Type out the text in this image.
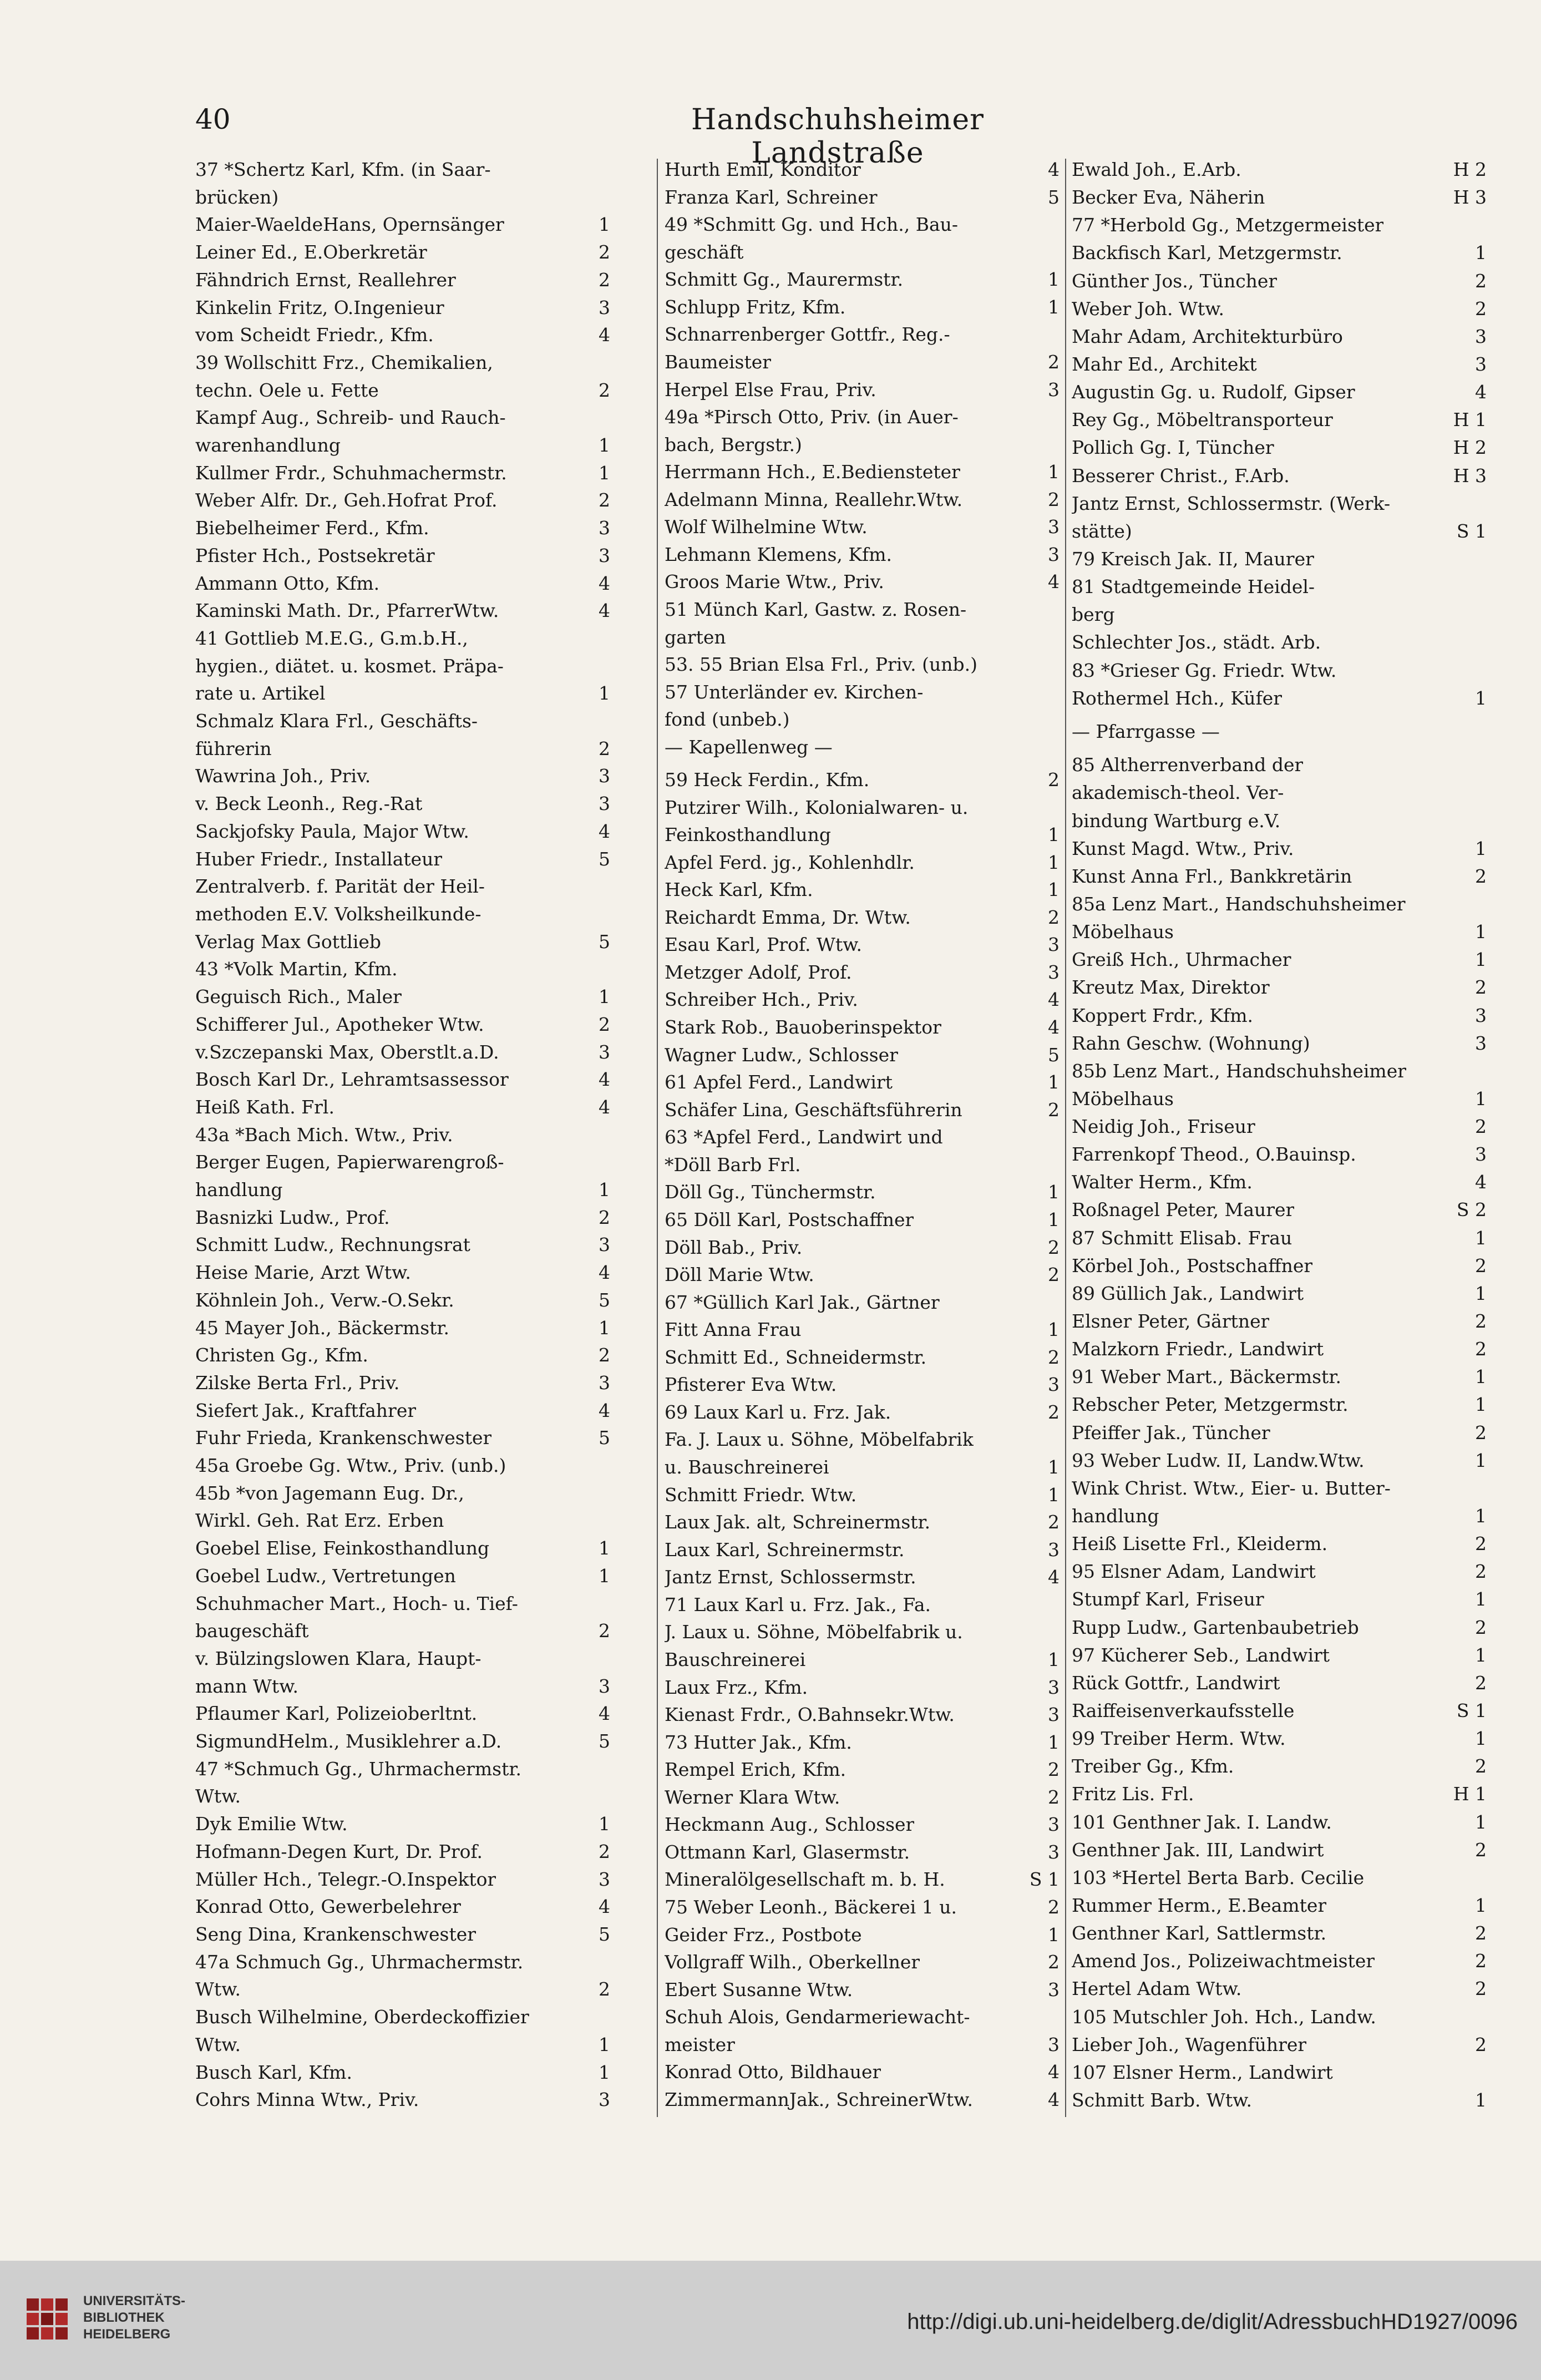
40	Handschuhsheimer Landstraße
37 *Schertz Karl, Kfm. (in Saar-
brücken)
Maier-WaeldeHans, Opernsänger	1
Leiner Ed., E.Oberkretär	2
Fähndrich Ernst, Reallehrer	2
Kinkelin Fritz, O.Ingenieur	3
vom Scheidt Friedr., Kfm.	4
39 Wollschitt Frz., Chemikalien,
techn. Oele u. Fette	2
Kampf Aug., Schreib- und Rauch-
warenhandlung	1
Kullmer Frdr., Schuhmachermstr.	1
Weber Alfr. Dr., Geh.Hofrat Prof.	2
Biebelheimer Ferd., Kfm.	3
Pfister Hch., Postsekretär	3
Ammann Otto, Kfm.	4
Kaminski Math. Dr., PfarrerWtw.	4
41 Gottlieb M.E.G., G.m.b.H.,
hygien., diätet. u. kosmet. Präpa-
rate u. Artikel	1
Schmalz Klara Frl., Geschäfts-
führerin	2
Wawrina Joh., Priv.	3
v. Beck Leonh., Reg.-Rat	3
Sackjofsky Paula, Major Wtw.	4
Huber Friedr., Installateur	5
Zentralverb. f. Parität der Heil-
methoden E.V. Volksheilkunde-
Verlag Max Gottlieb	5
43 *Volk Martin, Kfm.
Geguisch Rich., Maler	1
Schifferer Jul., Apotheker Wtw.	2
v.Szczepanski Max, Oberstlt.a.D.	3
Bosch Karl Dr., Lehramtsassessor	4
Heiß Kath. Frl.	4
43a *Bach Mich. Wtw., Priv.
Berger Eugen, Papierwarengroß-
handlung	1
Basnizki Ludw., Prof.	2
Schmitt Ludw., Rechnungsrat	3
Heise Marie, Arzt Wtw.	4
Köhnlein Joh., Verw.-O.Sekr.	5
45 Mayer Joh., Bäckermstr.	1
Christen Gg., Kfm.	2
Zilske Berta Frl., Priv.	3
Siefert Jak., Kraftfahrer	4
Fuhr Frieda, Krankenschwester	5
45a Groebe Gg. Wtw., Priv. (unb.)
45b *von Jagemann Eug. Dr.,
Wirkl. Geh. Rat Erz. Erben
Goebel Elise, Feinkosthandlung	1
Goebel Ludw., Vertretungen	1
Schuhmacher Mart., Hoch- u. Tief-
baugeschäft	2
v. Bülzingslowen Klara, Haupt-
mann Wtw.	3
Pflaumer Karl, Polizeioberltnt.	4
SigmundHelm., Musiklehrer a.D.	5
47 *Schmuch Gg., Uhrmachermstr.
Wtw.
Dyk Emilie Wtw.	1
Hofmann-Degen Kurt, Dr. Prof.	2
Müller Hch., Telegr.-O.Inspektor	3
Konrad Otto, Gewerbelehrer	4
Seng Dina, Krankenschwester	5
47a Schmuch Gg., Uhrmachermstr.
Wtw.	2
Busch Wilhelmine, Oberdeckoffizier
Wtw.	1
Busch Karl, Kfm.	1
Cohrs Minna Wtw., Priv.	3
Hurth Emil, Konditor	4
Franza Karl, Schreiner	5
49 *Schmitt Gg. und Hch., Bau-
geschäft
Schmitt Gg., Maurermstr.	1
Schlupp Fritz, Kfm.	1
Schnarrenberger Gottfr., Reg.-
Baumeister	2
Herpel Else Frau, Priv.	3
49a *Pirsch Otto, Priv. (in Auer-
bach, Bergstr.)
Herrmann Hch., E.Bediensteter	1
Adelmann Minna, Reallehr.Wtw.	2
Wolf Wilhelmine Wtw.	3
Lehmann Klemens, Kfm.	3
Groos Marie Wtw., Priv.	4
51 Münch Karl, Gastw. z. Rosen-
garten
53. 55 Brian Elsa Frl., Priv. (unb.)
57 Unterländer ev. Kirchen-
fond (unbeb.)
— Kapellenweg —
59 Heck Ferdin., Kfm.	2
Putzirer Wilh., Kolonialwaren- u.
Feinkosthandlung	1
Apfel Ferd. jg., Kohlenhdlr.	1
Heck Karl, Kfm.	1
Reichardt Emma, Dr. Wtw.	2
Esau Karl, Prof. Wtw.	3
Metzger Adolf, Prof.	3
Schreiber Hch., Priv.	4
Stark Rob., Bauoberinspektor	4
Wagner Ludw., Schlosser	5
61 Apfel Ferd., Landwirt	1
Schäfer Lina, Geschäftsführerin	2
63 *Apfel Ferd., Landwirt und
*Döll Barb Frl.
Döll Gg., Tünchermstr.	1
65 Döll Karl, Postschaffner	1
Döll Bab., Priv.	2
Döll Marie Wtw.	2
67 *Güllich Karl Jak., Gärtner
Fitt Anna Frau	1
Schmitt Ed., Schneidermstr.	2
Pfisterer Eva Wtw.	3
69 Laux Karl u. Frz. Jak.	2
Fa. J. Laux u. Söhne, Möbelfabrik
u. Bauschreinerei	1
Schmitt Friedr. Wtw.	1
Laux Jak. alt, Schreinermstr.	2
Laux Karl, Schreinermstr.	3
Jantz Ernst, Schlossermstr.	4
71 Laux Karl u. Frz. Jak., Fa.
J. Laux u. Söhne, Möbelfabrik u.
Bauschreinerei	1
Laux Frz., Kfm.	3
Kienast Frdr., O.Bahnsekr.Wtw.	3
73 Hutter Jak., Kfm.	1
Rempel Erich, Kfm.	2
Werner Klara Wtw.	2
Heckmann Aug., Schlosser	3
Ottmann Karl, Glasermstr.	3
Mineralölgesellschaft m. b. H.	S 1
75 Weber Leonh., Bäckerei 1 u.	2
Geider Frz., Postbote	1
Vollgraff Wilh., Oberkellner	2
Ebert Susanne Wtw.	3
Schuh Alois, Gendarmeriewacht-
meister	3
Konrad Otto, Bildhauer	4
ZimmermannJak., SchreinerWtw.	4
Ewald Joh., E.Arb.	H 2
Becker Eva, Näherin	H 3
77 *Herbold Gg., Metzgermeister
Backfisch Karl, Metzgermstr.	1
Günther Jos., Tüncher	2
Weber Joh. Wtw.	2
Mahr Adam, Architekturbüro	3
Mahr Ed., Architekt	3
Augustin Gg. u. Rudolf, Gipser	4
Rey Gg., Möbeltransporteur	H 1
Pollich Gg. I, Tüncher	H 2
Besserer Christ., F.Arb.	H 3
Jantz Ernst, Schlossermstr. (Werk-
stätte)	S 1
79 Kreisch Jak. II, Maurer
81 Stadtgemeinde Heidel-
berg
Schlechter Jos., städt. Arb.
83 *Grieser Gg. Friedr. Wtw.
Rothermel Hch., Küfer	1
— Pfarrgasse —
85 Altherrenverband der
akademisch-theol. Ver-
bindung Wartburg e.V.
Kunst Magd. Wtw., Priv.	1
Kunst Anna Frl., Bankkretärin	2
85a Lenz Mart., Handschuhsheimer
Möbelhaus	1
Greiß Hch., Uhrmacher	1
Kreutz Max, Direktor	2
Koppert Frdr., Kfm.	3
Rahn Geschw. (Wohnung)	3
85b Lenz Mart., Handschuhsheimer
Möbelhaus	1
Neidig Joh., Friseur	2
Farrenkopf Theod., O.Bauinsp.	3
Walter Herm., Kfm.	4
Roßnagel Peter, Maurer	S 2
87 Schmitt Elisab. Frau	1
Körbel Joh., Postschaffner	2
89 Güllich Jak., Landwirt	1
Elsner Peter, Gärtner	2
Malzkorn Friedr., Landwirt	2
91 Weber Mart., Bäckermstr.	1
Rebscher Peter, Metzgermstr.	1
Pfeiffer Jak., Tüncher	2
93 Weber Ludw. II, Landw.Wtw.	1
Wink Christ. Wtw., Eier- u. Butter-
handlung	1
Heiß Lisette Frl., Kleiderm.	2
95 Elsner Adam, Landwirt	2
Stumpf Karl, Friseur	1
Rupp Ludw., Gartenbaubetrieb	2
97 Kücherer Seb., Landwirt	1
Rück Gottfr., Landwirt	2
Raiffeisenverkaufsstelle	S 1
99 Treiber Herm. Wtw.	1
Treiber Gg., Kfm.	2
Fritz Lis. Frl.	H 1
101 Genthner Jak. I. Landw.	1
Genthner Jak. III, Landwirt	2
103 *Hertel Berta Barb. Cecilie
Rummer Herm., E.Beamter	1
Genthner Karl, Sattlermstr.	2
Amend Jos., Polizeiwachtmeister	2
Hertel Adam Wtw.	2
105 Mutschler Joh. Hch., Landw.
Lieber Joh., Wagenführer	2
107 Elsner Herm., Landwirt
Schmitt Barb. Wtw.	1
UNIVERSITÄTS-
BIBLIOTHEK
HEIDELBERG
http://digi.ub.uni-heidelberg.de/diglit/AdressbuchHD1927/0096
